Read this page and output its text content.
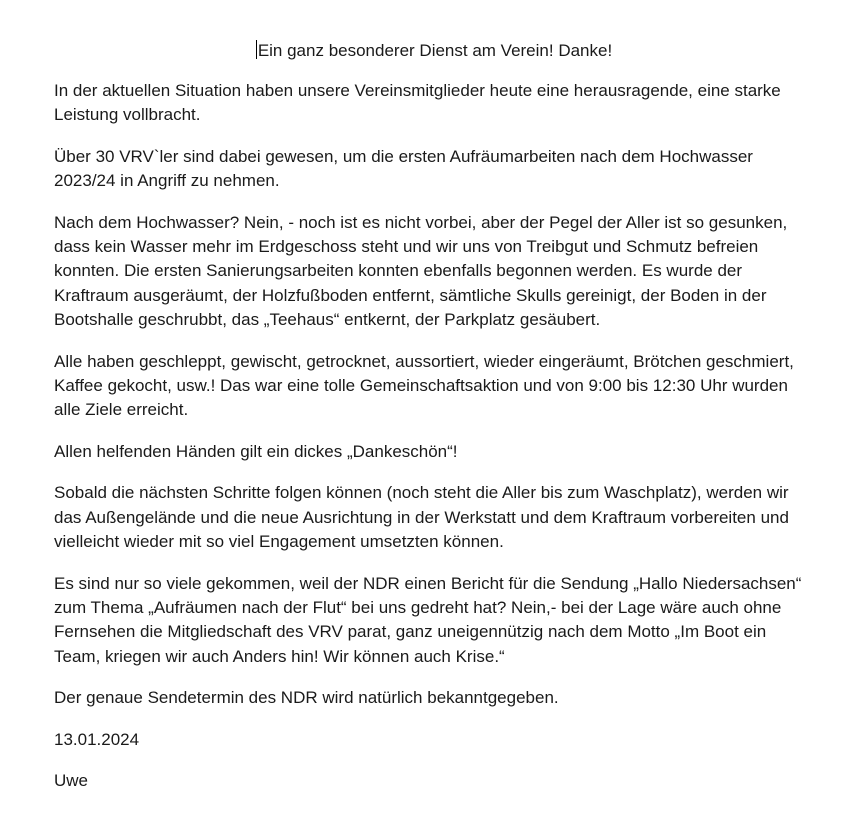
Ein ganz besonderer Dienst am Verein! Danke!

In der aktuellen Situation haben unsere Vereinsmitglieder heute eine herausragende, eine starke Leistung vollbracht.

Über 30 VRV`ler sind dabei gewesen, um die ersten Aufräumarbeiten nach dem Hochwasser 2023/24 in Angriff zu nehmen.

Nach dem Hochwasser? Nein, - noch ist es nicht vorbei, aber der Pegel der Aller ist so gesunken, dass kein Wasser mehr im Erdgeschoss steht und wir uns von Treibgut und Schmutz befreien konnten. Die ersten Sanierungsarbeiten konnten ebenfalls begonnen werden. Es wurde der Kraftraum ausgeräumt, der Holzfußboden entfernt, sämtliche Skulls gereinigt, der Boden in der Bootshalle geschrubbt, das „Teehaus“ entkernt, der Parkplatz gesäubert.

Alle haben geschleppt, gewischt, getrocknet, aussortiert, wieder eingeräumt, Brötchen geschmiert, Kaffee gekocht, usw.! Das war eine tolle Gemeinschaftsaktion und von 9:00 bis 12:30 Uhr wurden alle Ziele erreicht.

Allen helfenden Händen gilt ein dickes „Dankeschön“!

Sobald die nächsten Schritte folgen können (noch steht die Aller bis zum Waschplatz), werden wir das Außengelände und die neue Ausrichtung in der Werkstatt und dem Kraftraum vorbereiten und vielleicht wieder mit so viel Engagement umsetzten können.

Es sind nur so viele gekommen, weil der NDR einen Bericht für die Sendung „Hallo Niedersachsen“ zum Thema „Aufräumen nach der Flut“ bei uns gedreht hat? Nein,- bei der Lage wäre auch ohne Fernsehen die Mitgliedschaft des VRV parat, ganz uneigennützig nach dem Motto „Im Boot ein Team, kriegen wir auch Anders hin! Wir können auch Krise.“

Der genaue Sendetermin des NDR wird natürlich bekanntgegeben.

13.01.2024

Uwe
